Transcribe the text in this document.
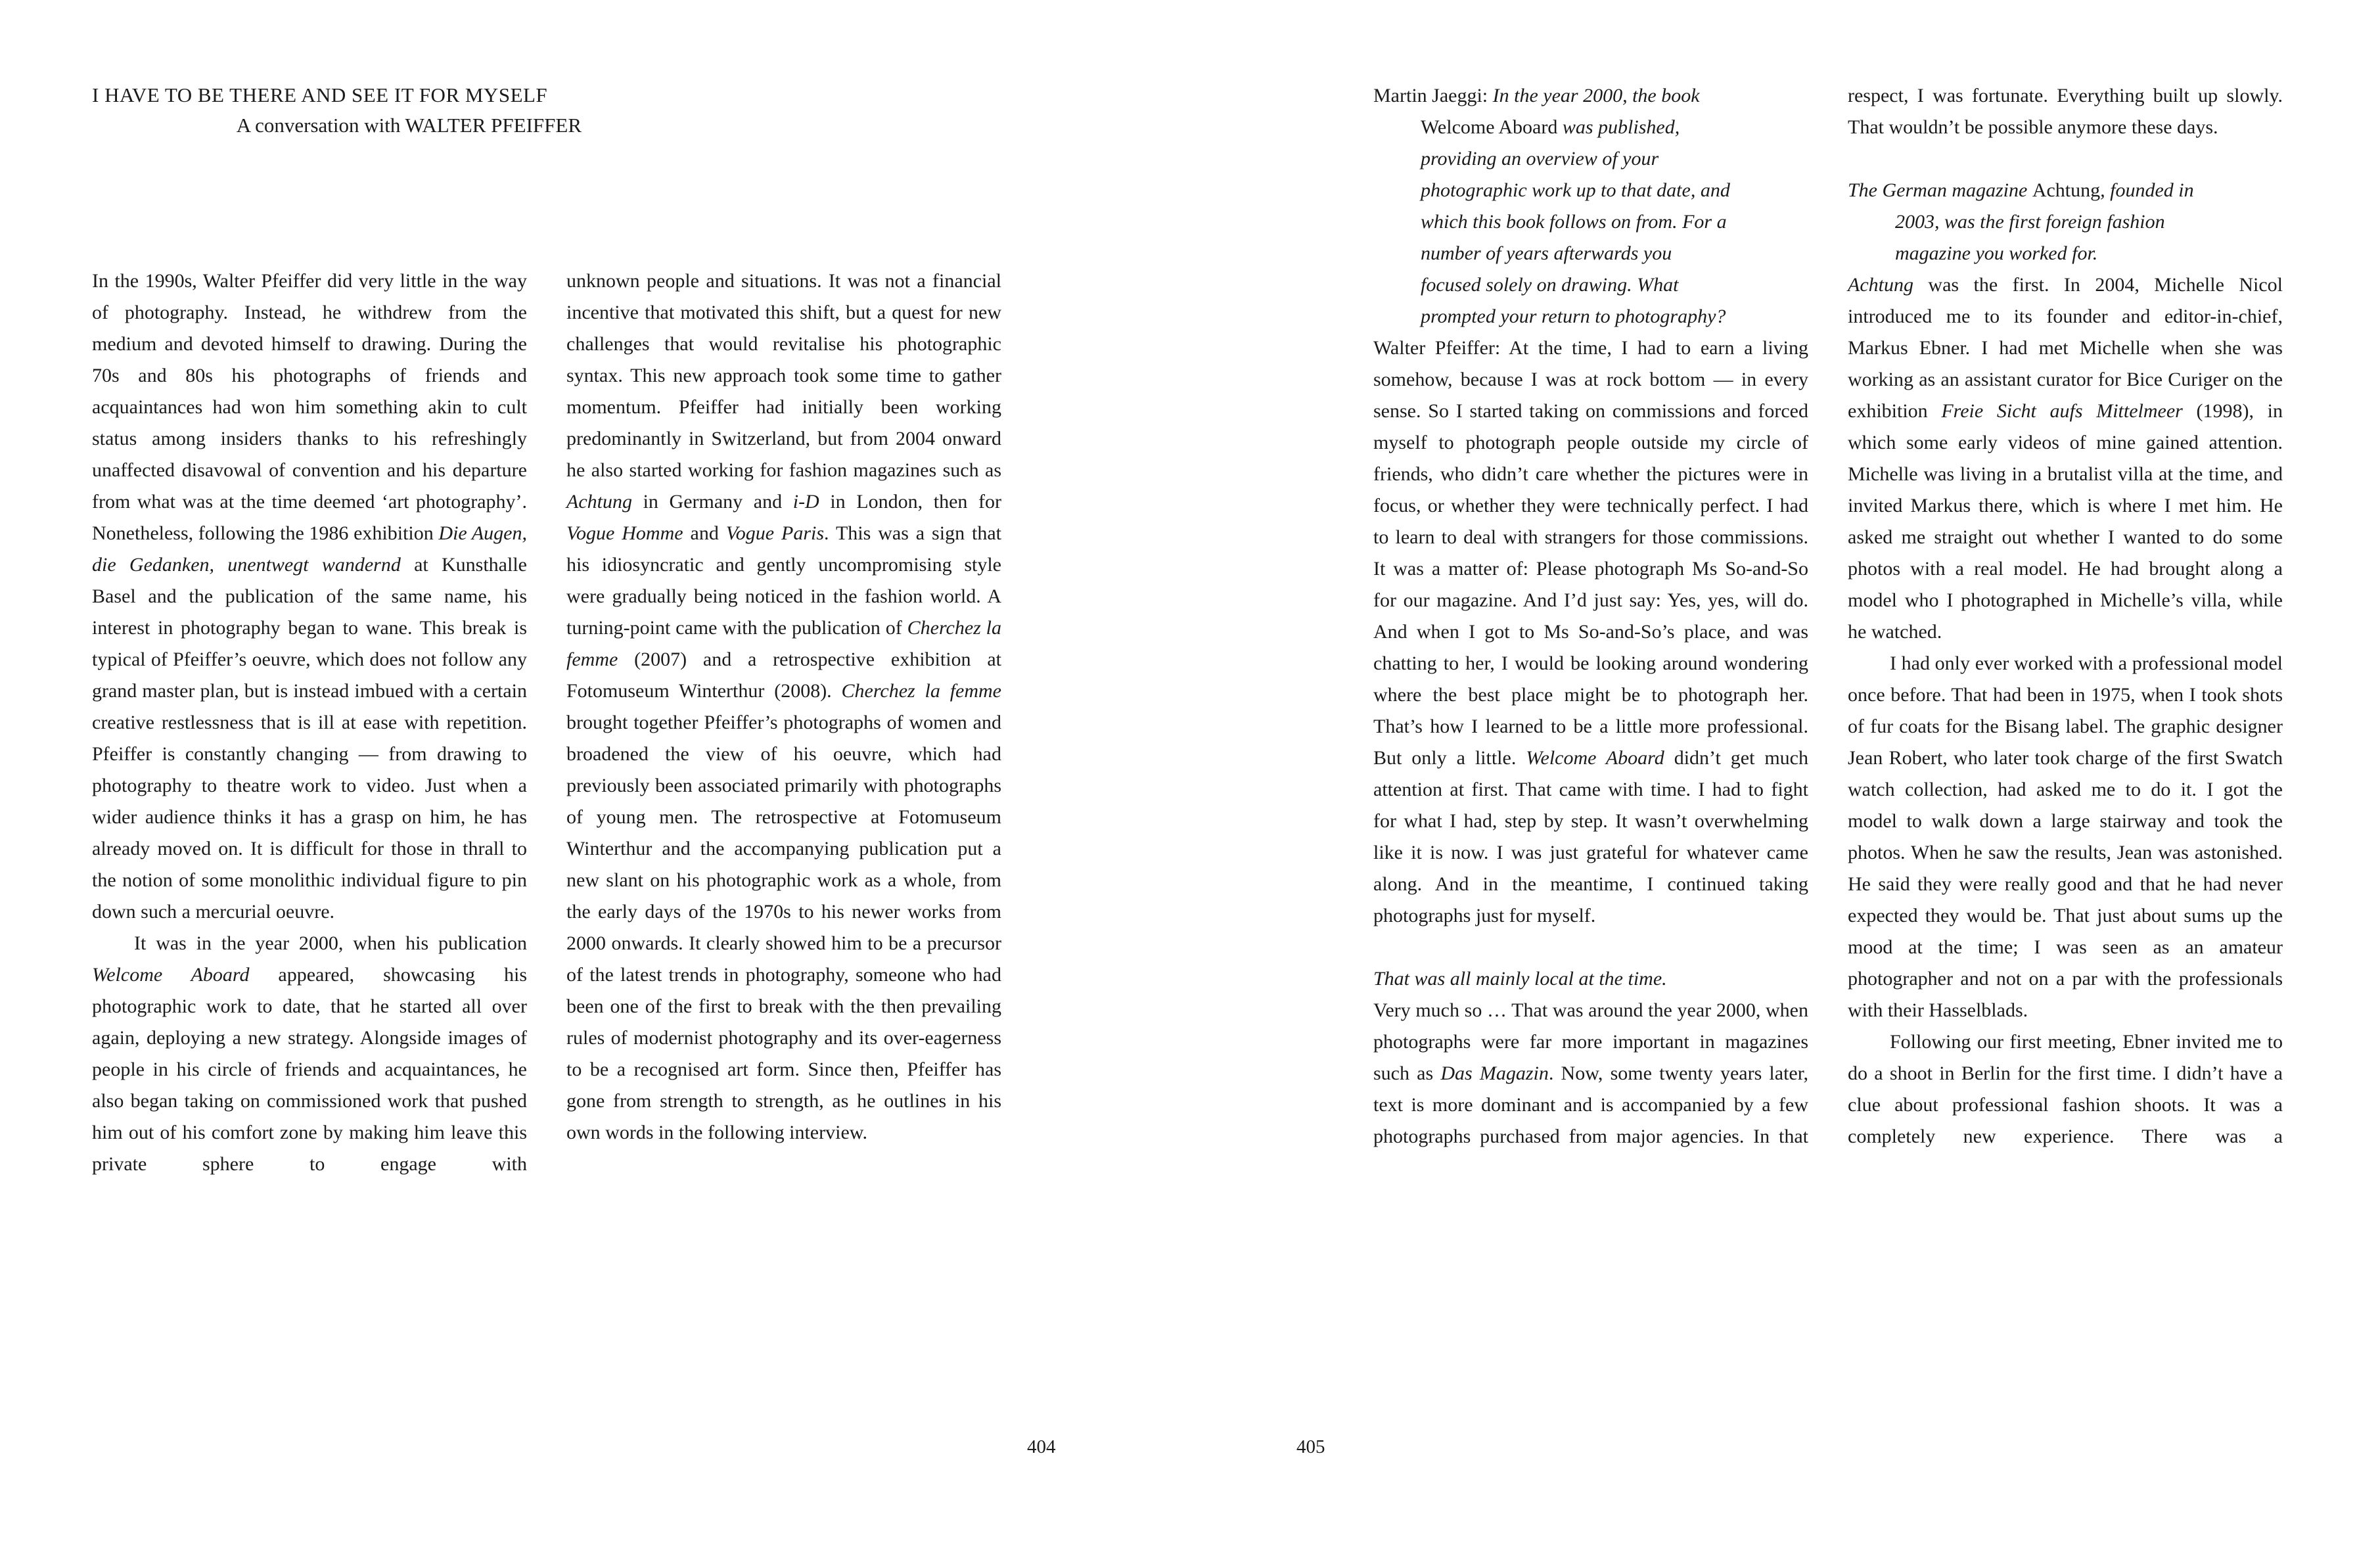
I HAVE TO BE THERE AND SEE IT FOR MYSELF
A conversation with WALTER PFEIFFER

In the 1990s, Walter Pfeiffer did very little in the way of photography. Instead, he withdrew from the medium and devoted himself to drawing. During the 70s and 80s his photographs of friends and acquaintances had won him something akin to cult status among insiders thanks to his refreshingly unaffected disavowal of convention and his departure from what was at the time deemed ‘art photography’. Nonetheless, following the 1986 exhibition Die Augen, die Gedanken, unentwegt wandernd at Kunsthalle Basel and the publication of the same name, his interest in photography began to wane. This break is typical of Pfeiffer’s oeuvre, which does not follow any grand master plan, but is instead imbued with a certain creative restlessness that is ill at ease with repetition. Pfeiffer is constantly changing — from drawing to photography to theatre work to video. Just when a wider audience thinks it has a grasp on him, he has already moved on. It is difficult for those in thrall to the notion of some monolithic individual figure to pin down such a mercurial oeuvre.

It was in the year 2000, when his publication Welcome Aboard appeared, showcasing his photographic work to date, that he started all over again, deploying a new strategy. Alongside images of people in his circle of friends and acquaintances, he also began taking on commissioned work that pushed him out of his comfort zone by making him leave this private sphere to engage with

unknown people and situations. It was not a financial incentive that motivated this shift, but a quest for new challenges that would revitalise his photographic syntax. This new approach took some time to gather momentum. Pfeiffer had initially been working predominantly in Switzerland, but from 2004 onward he also started working for fashion magazines such as Achtung in Germany and i-D in London, then for Vogue Homme and Vogue Paris. This was a sign that his idiosyncratic and gently uncompromising style were gradually being noticed in the fashion world. A turning-point came with the publication of Cherchez la femme (2007) and a retrospective exhibition at Fotomuseum Winterthur (2008). Cherchez la femme brought together Pfeiffer’s photographs of women and broadened the view of his oeuvre, which had previously been associated primarily with photographs of young men. The retrospective at Fotomuseum Winterthur and the accompanying publication put a new slant on his photographic work as a whole, from the early days of the 1970s to his newer works from 2000 onwards. It clearly showed him to be a precursor of the latest trends in photography, someone who had been one of the first to break with the then prevailing rules of modernist photography and its over-eagerness to be a recognised art form. Since then, Pfeiffer has gone from strength to strength, as he outlines in his own words in the following interview.

Martin Jaeggi: In the year 2000, the book Welcome Aboard was published, providing an overview of your photographic work up to that date, and which this book follows on from. For a number of years afterwards you focused solely on drawing. What prompted your return to photography?

Walter Pfeiffer: At the time, I had to earn a living somehow, because I was at rock bottom — in every sense. So I started taking on commissions and forced myself to photograph people outside my circle of friends, who didn’t care whether the pictures were in focus, or whether they were technically perfect. I had to learn to deal with strangers for those commissions. It was a matter of: Please photograph Ms So-and-So for our magazine. And I’d just say: Yes, yes, will do. And when I got to Ms So-and-So’s place, and was chatting to her, I would be looking around wondering where the best place might be to photograph her. That’s how I learned to be a little more professional. But only a little. Welcome Aboard didn’t get much attention at first. That came with time. I had to fight for what I had, step by step. It wasn’t overwhelming like it is now. I was just grateful for whatever came along. And in the meantime, I continued taking photographs just for myself.

That was all mainly local at the time.

Very much so … That was around the year 2000, when photographs were far more important in magazines such as Das Magazin. Now, some twenty years later, text is more dominant and is accompanied by a few photographs purchased from major agencies. In that

respect, I was fortunate. Everything built up slowly. That wouldn’t be possible anymore these days.

The German magazine Achtung, founded in 2003, was the first foreign fashion magazine you worked for.

Achtung was the first. In 2004, Michelle Nicol introduced me to its founder and editor-in-chief, Markus Ebner. I had met Michelle when she was working as an assistant curator for Bice Curiger on the exhibition Freie Sicht aufs Mittelmeer (1998), in which some early videos of mine gained attention. Michelle was living in a brutalist villa at the time, and invited Markus there, which is where I met him. He asked me straight out whether I wanted to do some photos with a real model. He had brought along a model who I photographed in Michelle’s villa, while he watched.

I had only ever worked with a professional model once before. That had been in 1975, when I took shots of fur coats for the Bisang label. The graphic designer Jean Robert, who later took charge of the first Swatch watch collection, had asked me to do it. I got the model to walk down a large stairway and took the photos. When he saw the results, Jean was astonished. He said they were really good and that he had never expected they would be. That just about sums up the mood at the time; I was seen as an amateur photographer and not on a par with the professionals with their Hasselblads.

Following our first meeting, Ebner invited me to do a shoot in Berlin for the first time. I didn’t have a clue about professional fashion shoots. It was a completely new experience. There was a

404	405
